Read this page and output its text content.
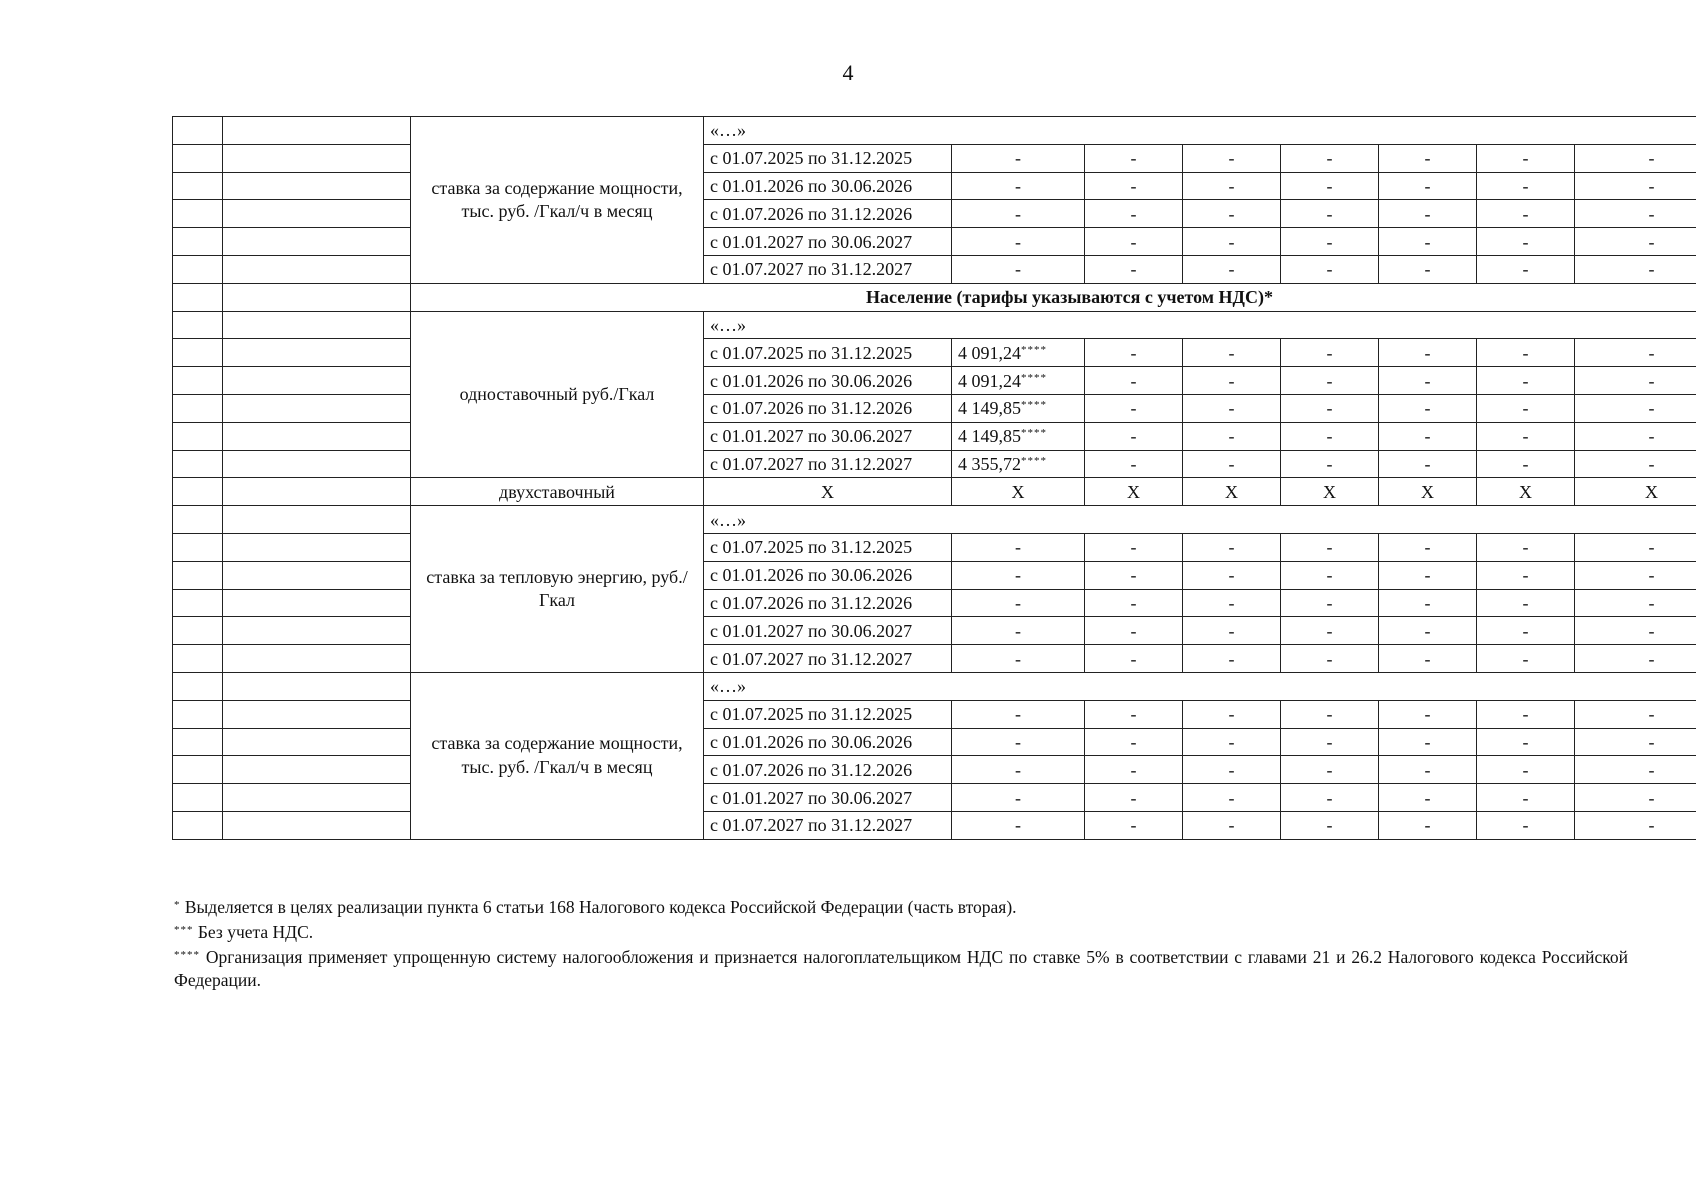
4
		ставка за содержание мощности, тыс. руб. /Гкал/ч в месяц	«…»							
			с 01.07.2025 по 31.12.2025	-	-	-	-	-	-	-
			с 01.01.2026 по 30.06.2026	-	-	-	-	-	-	-
			с 01.07.2026 по 31.12.2026	-	-	-	-	-	-	-
			с 01.01.2027 по 30.06.2027	-	-	-	-	-	-	-
			с 01.07.2027 по 31.12.2027	-	-	-	-	-	-	-
		Население (тарифы указываются с учетом НДС)*								
		одноставочный руб./Гкал	«…»							
			с 01.07.2025 по 31.12.2025	4 091,24****	-	-	-	-	-	-
			с 01.01.2026 по 30.06.2026	4 091,24****	-	-	-	-	-	-
			с 01.07.2026 по 31.12.2026	4 149,85****	-	-	-	-	-	-
			с 01.01.2027 по 30.06.2027	4 149,85****	-	-	-	-	-	-
			с 01.07.2027 по 31.12.2027	4 355,72****	-	-	-	-	-	-
		двухставочный	Х	Х	Х	Х	Х	Х	Х	Х
		ставка за тепловую энергию, руб./Гкал	«…»							
			с 01.07.2025 по 31.12.2025	-	-	-	-	-	-	-
			с 01.01.2026 по 30.06.2026	-	-	-	-	-	-	-
			с 01.07.2026 по 31.12.2026	-	-	-	-	-	-	-
			с 01.01.2027 по 30.06.2027	-	-	-	-	-	-	-
			с 01.07.2027 по 31.12.2027	-	-	-	-	-	-	-
		ставка за содержание мощности, тыс. руб. /Гкал/ч в месяц	«…»							
			с 01.07.2025 по 31.12.2025	-	-	-	-	-	-	-
			с 01.01.2026 по 30.06.2026	-	-	-	-	-	-	-
			с 01.07.2026 по 31.12.2026	-	-	-	-	-	-	-
			с 01.01.2027 по 30.06.2027	-	-	-	-	-	-	-
			с 01.07.2027 по 31.12.2027	-	-	-	-	-	-	-

* Выделяется в целях реализации пункта 6 статьи 168 Налогового кодекса Российской Федерации (часть вторая).

*** Без учета НДС.

**** Организация применяет упрощенную систему налогообложения и признается налогоплательщиком НДС по ставке 5% в соответствии с главами 21 и 26.2 Налогового кодекса Российской Федерации.
